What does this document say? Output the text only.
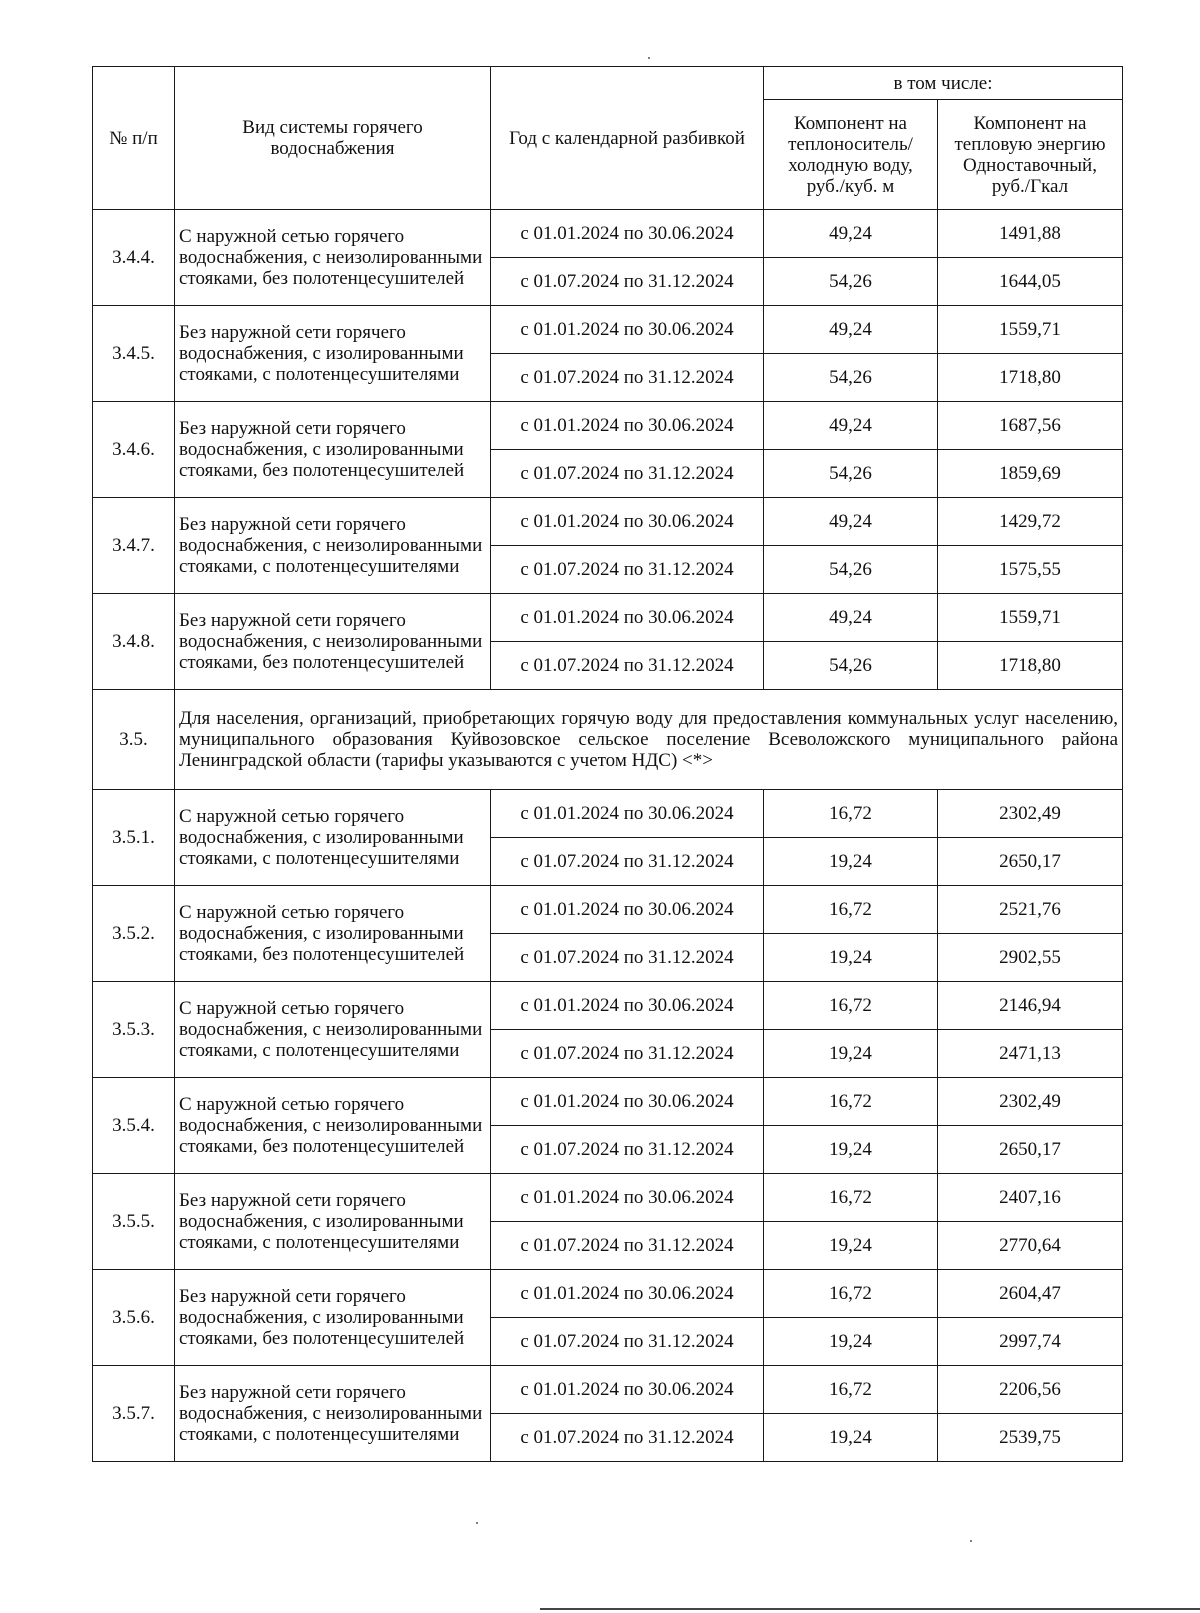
№ п/п	Вид системы горячего водоснабжения	Год с календарной разбивкой	в том числе:	
			Компонент на теплоноситель/ холодную воду, руб./куб. м	Компонент на тепловую энергию Одноставочный, руб./Гкал
3.4.4.	С наружной сетью горячего водоснабжения, с неизолированными стояками, без полотенцесушителей	с 01.01.2024 по 30.06.2024	49,24	1491,88
		с 01.07.2024 по 31.12.2024	54,26	1644,05
3.4.5.	Без наружной сети горячего водоснабжения, с изолированными стояками, с полотенцесушителями	с 01.01.2024 по 30.06.2024	49,24	1559,71
		с 01.07.2024 по 31.12.2024	54,26	1718,80
3.4.6.	Без наружной сети горячего водоснабжения, с изолированными стояками, без полотенцесушителей	с 01.01.2024 по 30.06.2024	49,24	1687,56
		с 01.07.2024 по 31.12.2024	54,26	1859,69
3.4.7.	Без наружной сети горячего водоснабжения, с неизолированными стояками, с полотенцесушителями	с 01.01.2024 по 30.06.2024	49,24	1429,72
		с 01.07.2024 по 31.12.2024	54,26	1575,55
3.4.8.	Без наружной сети горячего водоснабжения, с неизолированными стояками, без полотенцесушителей	с 01.01.2024 по 30.06.2024	49,24	1559,71
		с 01.07.2024 по 31.12.2024	54,26	1718,80
3.5.	Для населения, организаций, приобретающих горячую воду для предоставления коммунальных услуг населению, муниципального образования Куйвозовское сельское поселение Всеволожского муниципального района Ленинградской области (тарифы указываются с учетом НДС) <*>			
3.5.1.	С наружной сетью горячего водоснабжения, с изолированными стояками, с полотенцесушителями	с 01.01.2024 по 30.06.2024	16,72	2302,49
		с 01.07.2024 по 31.12.2024	19,24	2650,17
3.5.2.	С наружной сетью горячего водоснабжения, с изолированными стояками, без полотенцесушителей	с 01.01.2024 по 30.06.2024	16,72	2521,76
		с 01.07.2024 по 31.12.2024	19,24	2902,55
3.5.3.	С наружной сетью горячего водоснабжения, с неизолированными стояками, с полотенцесушителями	с 01.01.2024 по 30.06.2024	16,72	2146,94
		с 01.07.2024 по 31.12.2024	19,24	2471,13
3.5.4.	С наружной сетью горячего водоснабжения, с неизолированными стояками, без полотенцесушителей	с 01.01.2024 по 30.06.2024	16,72	2302,49
		с 01.07.2024 по 31.12.2024	19,24	2650,17
3.5.5.	Без наружной сети горячего водоснабжения, с изолированными стояками, с полотенцесушителями	с 01.01.2024 по 30.06.2024	16,72	2407,16
		с 01.07.2024 по 31.12.2024	19,24	2770,64
3.5.6.	Без наружной сети горячего водоснабжения, с изолированными стояками, без полотенцесушителей	с 01.01.2024 по 30.06.2024	16,72	2604,47
		с 01.07.2024 по 31.12.2024	19,24	2997,74
3.5.7.	Без наружной сети горячего водоснабжения, с неизолированными стояками, с полотенцесушителями	с 01.01.2024 по 30.06.2024	16,72	2206,56
		с 01.07.2024 по 31.12.2024	19,24	2539,75
